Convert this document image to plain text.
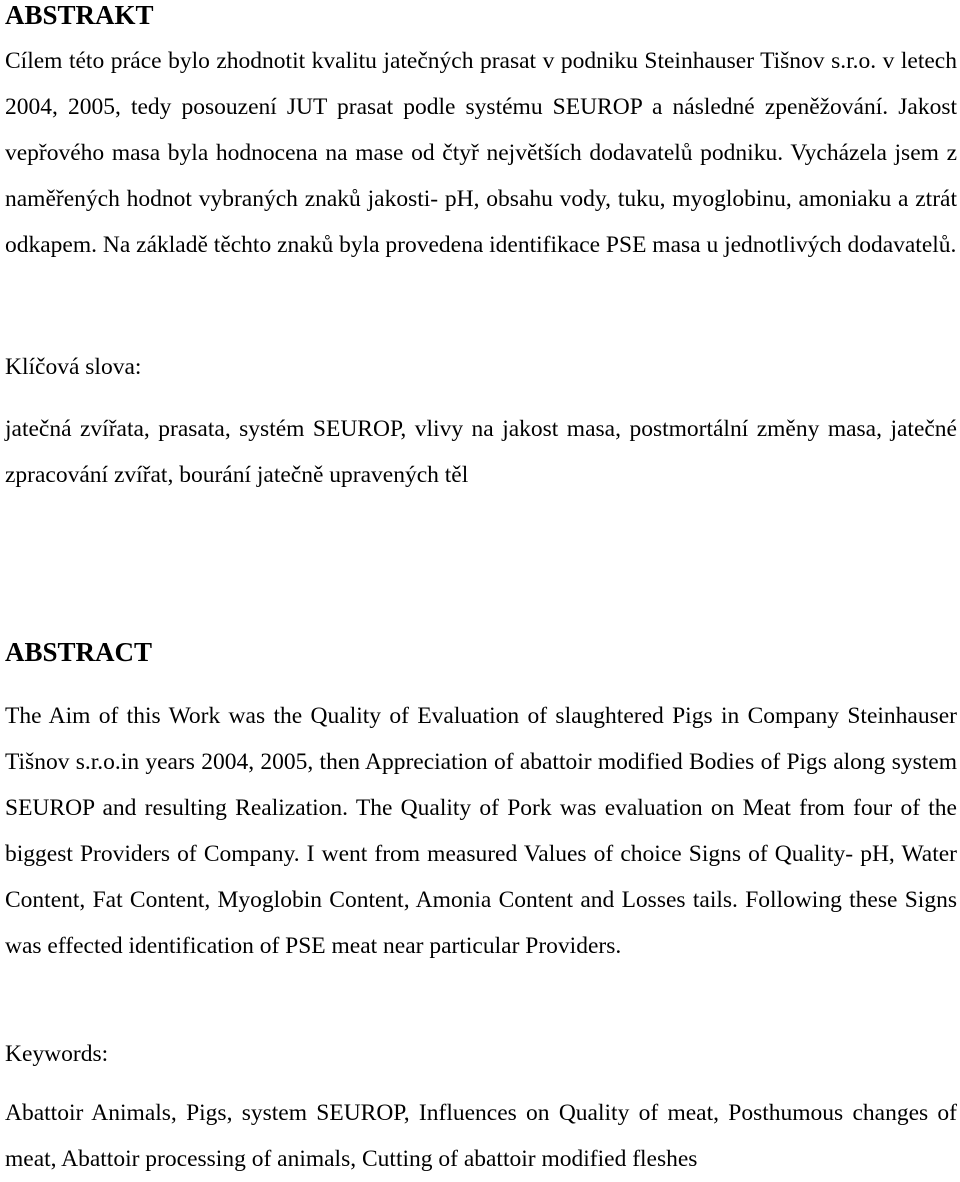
ABSTRAKT

Cílem této práce bylo zhodnotit kvalitu jatečných prasat v podniku Steinhauser Tišnov s.r.o. v letech 2004, 2005, tedy posouzení JUT prasat podle systému SEUROP a následné zpeněžování. Jakost vepřového masa byla hodnocena na mase od čtyř největších dodavatelů podniku. Vycházela jsem z naměřených hodnot vybraných znaků jakosti- pH, obsahu vody, tuku, myoglobinu, amoniaku a ztrát odkapem. Na základě těchto znaků byla provedena identifikace PSE masa u jednotlivých dodavatelů.

Klíčová slova:

jatečná zvířata, prasata, systém SEUROP, vlivy na jakost masa, postmortální změny masa, jatečné zpracování zvířat, bourání jatečně upravených těl

ABSTRACT

The Aim of this Work was the Quality of Evaluation of slaughtered Pigs in Company Steinhauser Tišnov s.r.o.in years 2004, 2005, then Appreciation of abattoir modified Bodies of Pigs along system SEUROP and resulting Realization. The Quality of Pork was evaluation on Meat from four of the biggest Providers of Company. I went from measured Values of choice Signs of Quality- pH, Water Content, Fat Content, Myoglobin Content, Amonia Content and Losses tails. Following these Signs was effected identification of PSE meat near particular Providers.

Keywords:

Abattoir Animals, Pigs, system SEUROP, Influences on Quality of meat, Posthumous changes of meat, Abattoir processing of animals, Cutting of abattoir modified fleshes
